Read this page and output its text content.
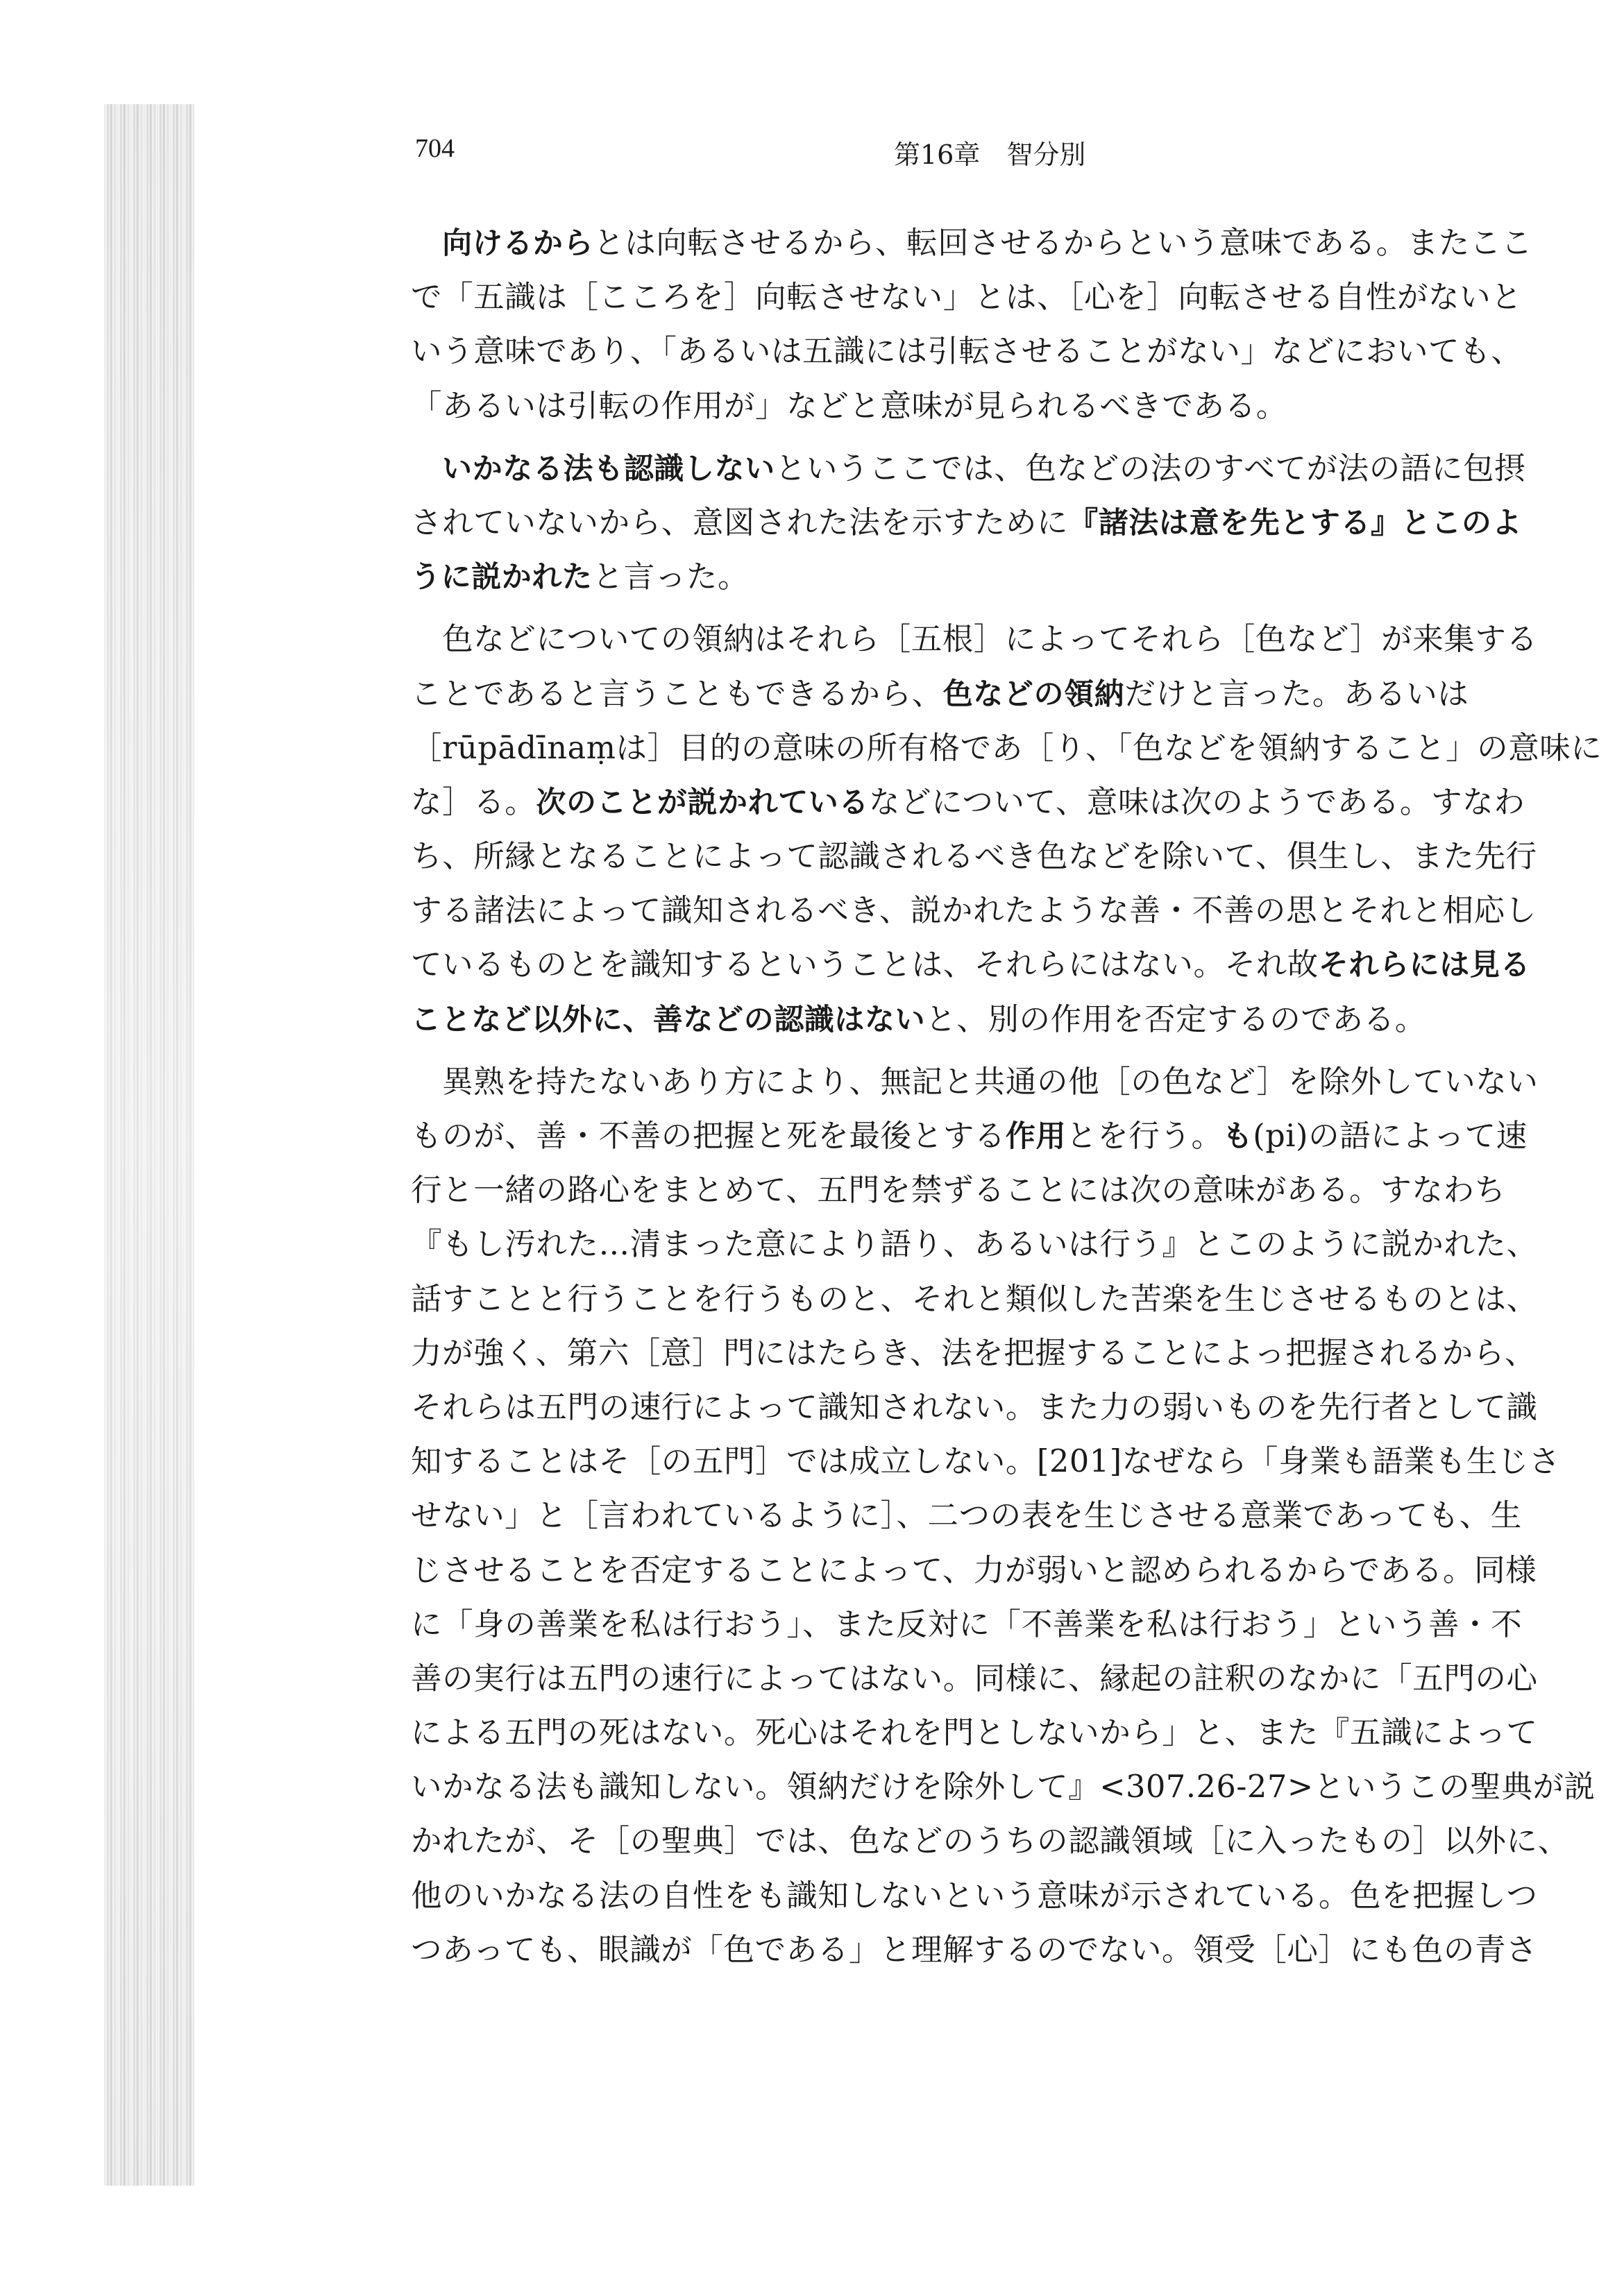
704	第16章　智分別
　向けるからとは向転させるから、転回させるからという意味である。またここ
で「五識は［こころを］向転させない」とは、［心を］向転させる自性がないと
いう意味であり、「あるいは五識には引転させることがない」などにおいても、
「あるいは引転の作用が」などと意味が見られるべきである。
　いかなる法も認識しないというここでは、色などの法のすべてが法の語に包摂
されていないから、意図された法を示すために『諸法は意を先とする』とこのよ
うに説かれたと言った。
　色などについての領納はそれら［五根］によってそれら［色など］が来集する
ことであると言うこともできるから、色などの領納だけと言った。あるいは
［rūpādīnaṃは］目的の意味の所有格であ［り、「色などを領納すること」の意味に
な］る。次のことが説かれているなどについて、意味は次のようである。すなわ
ち、所縁となることによって認識されるべき色などを除いて、倶生し、また先行
する諸法によって識知されるべき、説かれたような善・不善の思とそれと相応し
ているものとを識知するということは、それらにはない。それ故それらには見る
ことなど以外に、善などの認識はないと、別の作用を否定するのである。
　異熟を持たないあり方により、無記と共通の他［の色など］を除外していない
ものが、善・不善の把握と死を最後とする作用とを行う。も(pi)の語によって速
行と一緒の路心をまとめて、五門を禁ずることには次の意味がある。すなわち
『もし汚れた…清まった意により語り、あるいは行う』とこのように説かれた、
話すことと行うことを行うものと、それと類似した苦楽を生じさせるものとは、
力が強く、第六［意］門にはたらき、法を把握することによっ把握されるから、
それらは五門の速行によって識知されない。また力の弱いものを先行者として識
知することはそ［の五門］では成立しない。[201]なぜなら「身業も語業も生じさ
せない」と［言われているように］、二つの表を生じさせる意業であっても、生
じさせることを否定することによって、力が弱いと認められるからである。同様
に「身の善業を私は行おう」、また反対に「不善業を私は行おう」という善・不
善の実行は五門の速行によってはない。同様に、縁起の註釈のなかに「五門の心
による五門の死はない。死心はそれを門としないから」と、また『五識によって
いかなる法も識知しない。領納だけを除外して』<307.26-27>というこの聖典が説
かれたが、そ［の聖典］では、色などのうちの認識領域［に入ったもの］以外に、
他のいかなる法の自性をも識知しないという意味が示されている。色を把握しつ
つあっても、眼識が「色である」と理解するのでない。領受［心］にも色の青さ
